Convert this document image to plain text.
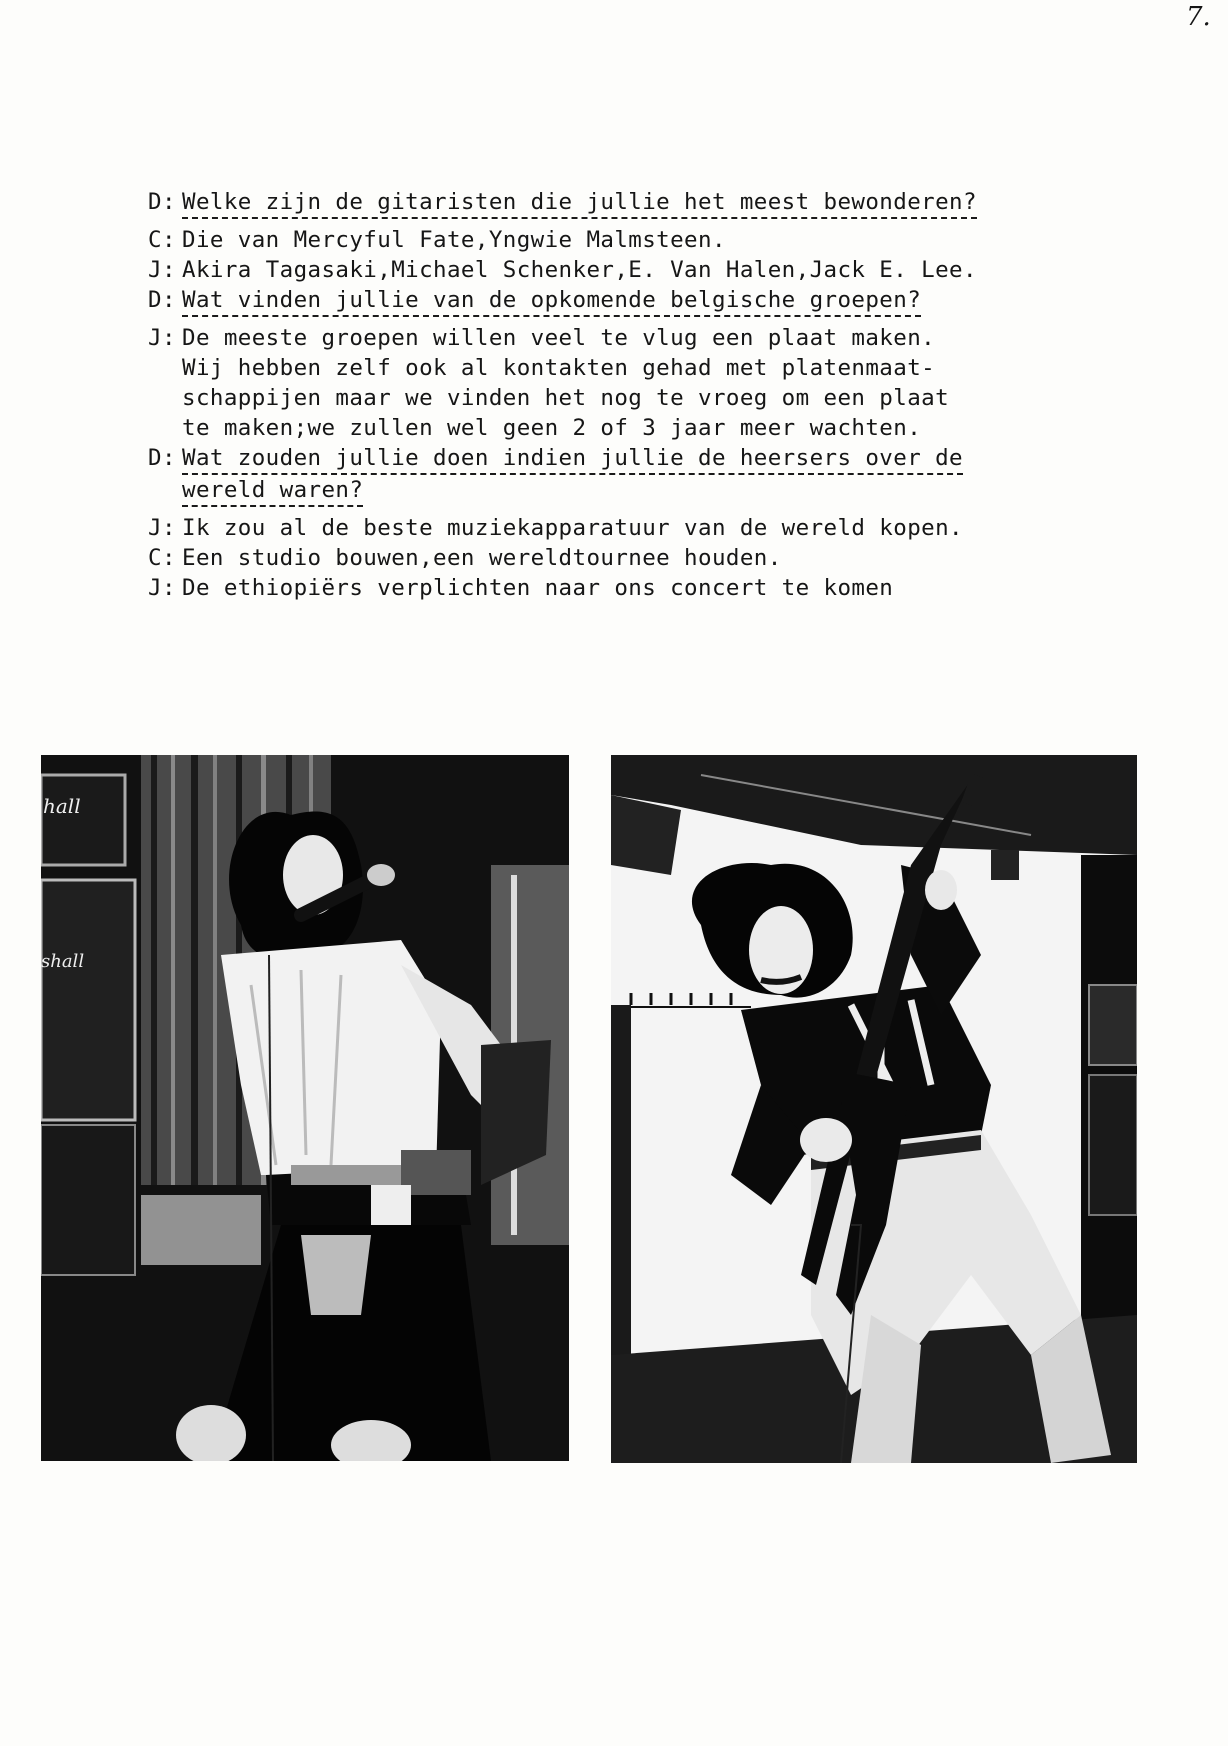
7.
D: Welke zijn de gitaristen die jullie het meest bewonderen?
C: Die van Mercyful Fate,Yngwie Malmsteen.
J: Akira Tagasaki,Michael Schenker,E. Van Halen,Jack E. Lee.
D: Wat vinden jullie van de opkomende belgische groepen?
J: De meeste groepen willen veel te vlug een plaat maken.
Wij hebben zelf ook al kontakten gehad met platenmaat-
schappijen maar we vinden het nog te vroeg om een plaat
te maken;we zullen wel geen 2 of 3 jaar meer wachten.
D: Wat zouden jullie doen indien jullie de heersers over de
wereld waren?
J: Ik zou al de beste muziekapparatuur van de wereld kopen.
C: Een studio bouwen,een wereldtournee houden.
J: De ethiopiërs verplichten naar ons concert te komen
hall
shall
